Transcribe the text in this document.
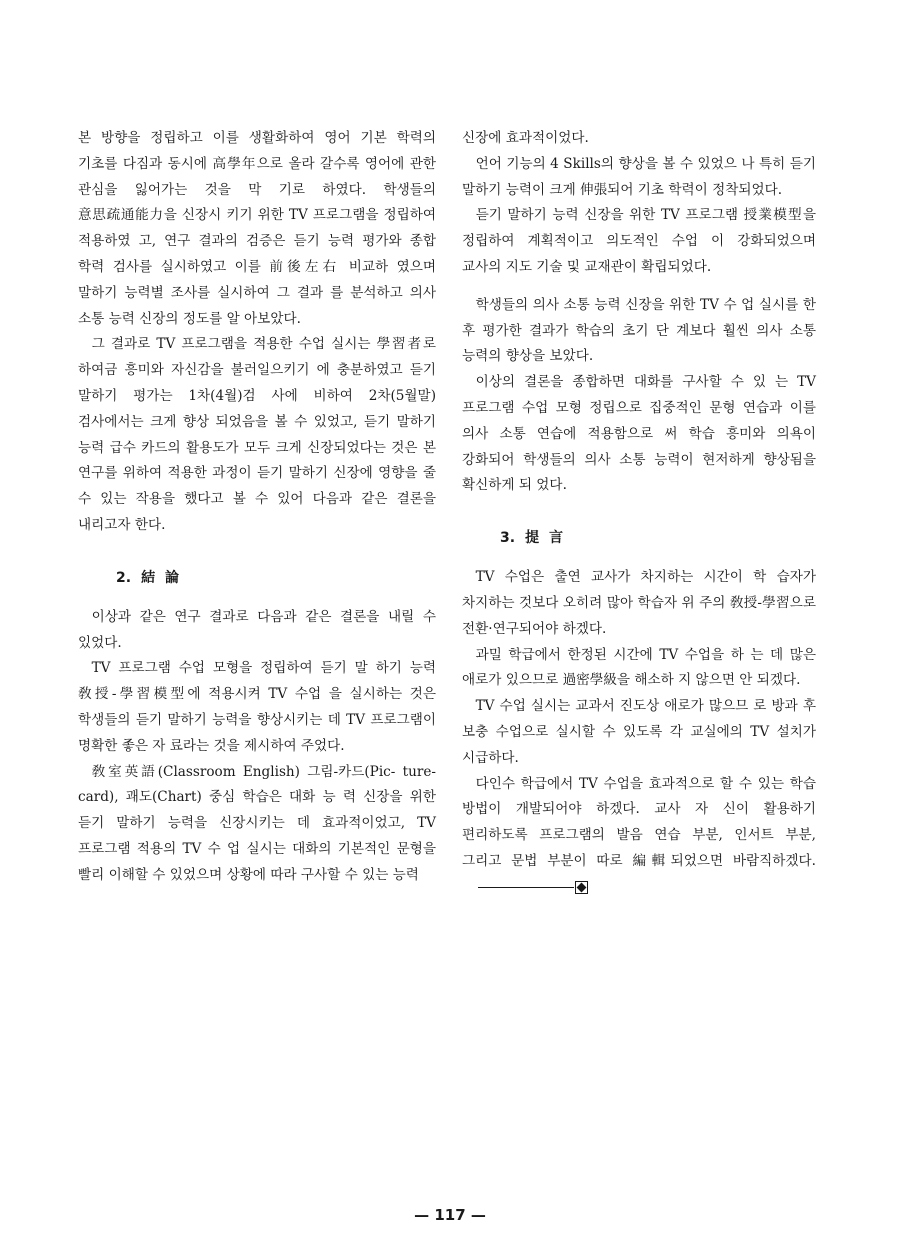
본 방향을 정립하고 이를 생활화하여 영어 기본 학력의 기초를 다짐과 동시에 高學年으로 올라 갈수록 영어에 관한 관심을 잃어가는 것을 막 기로 하였다. 학생들의 意思疏通能力을 신장시 키기 위한 TV 프로그램을 정립하여 적용하였 고, 연구 결과의 검증은 듣기 능력 평가와 종합 학력 검사를 실시하였고 이를 前後左右 비교하 였으며 말하기 능력별 조사를 실시하여 그 결과 를 분석하고 의사 소통 능력 신장의 정도를 알 아보았다.

그 결과로 TV 프로그램을 적용한 수업 실시는 學習者로 하여금 흥미와 자신감을 불러일으키기 에 충분하였고 듣기 말하기 평가는 1차(4월)검 사에 비하여 2차(5월말)검사에서는 크게 향상 되었음을 볼 수 있었고, 듣기 말하기 능력 급수 카드의 활용도가 모두 크게 신장되었다는 것은 본 연구를 위하여 적용한 과정이 듣기 말하기 신장에 영향을 줄 수 있는 작용을 했다고 볼 수 있어 다음과 같은 결론을 내리고자 한다.

2. 結論

이상과 같은 연구 결과로 다음과 같은 결론을 내릴 수 있었다.

TV 프로그램 수업 모형을 정립하여 듣기 말 하기 능력 敎授-學習模型에 적용시켜 TV 수업 을 실시하는 것은 학생들의 듣기 말하기 능력을 향상시키는 데 TV 프로그램이 명확한 좋은 자 료라는 것을 제시하여 주었다.

敎室英語(Classroom English) 그림-카드(Pic- ture-card), 괘도(Chart) 중심 학습은 대화 능 력 신장을 위한 듣기 말하기 능력을 신장시키는 데 효과적이었고, TV 프로그램 적용의 TV 수 업 실시는 대화의 기본적인 문형을 빨리 이해할 수 있었으며 상황에 따라 구사할 수 있는 능력

신장에 효과적이었다.

언어 기능의 4 Skills의 향상을 볼 수 있었으 나 특히 듣기 말하기 능력이 크게 伸張되어 기초 학력이 정착되었다.

듣기 말하기 능력 신장을 위한 TV 프로그램 授業模型을 정립하여 계획적이고 의도적인 수업 이 강화되었으며 교사의 지도 기술 및 교재관이 확립되었다.

학생들의 의사 소통 능력 신장을 위한 TV 수 업 실시를 한 후 평가한 결과가 학습의 초기 단 계보다 훨씬 의사 소통 능력의 향상을 보았다.

이상의 결론을 종합하면 대화를 구사할 수 있 는 TV 프로그램 수업 모형 정립으로 집중적인 문형 연습과 이를 의사 소통 연습에 적용함으로 써 학습 흥미와 의욕이 강화되어 학생들의 의사 소통 능력이 현저하게 향상됨을 확신하게 되 었다.

3. 提言

TV 수업은 출연 교사가 차지하는 시간이 학 습자가 차지하는 것보다 오히려 많아 학습자 위 주의 敎授-學習으로 전환·연구되어야 하겠다.

과밀 학급에서 한정된 시간에 TV 수업을 하 는 데 많은 애로가 있으므로 過密學級을 해소하 지 않으면 안 되겠다.

TV 수업 실시는 교과서 진도상 애로가 많으므 로 방과 후 보충 수업으로 실시할 수 있도록 각 교실에의 TV 설치가 시급하다.

다인수 학급에서 TV 수업을 효과적으로 할 수 있는 학습 방법이 개발되어야 하겠다. 교사 자 신이 활용하기 편리하도록 프로그램의 발음 연습 부분, 인서트 부분, 그리고 문법 부분이 따로 編輯되었으면 바람직하겠다.

— 117 —
